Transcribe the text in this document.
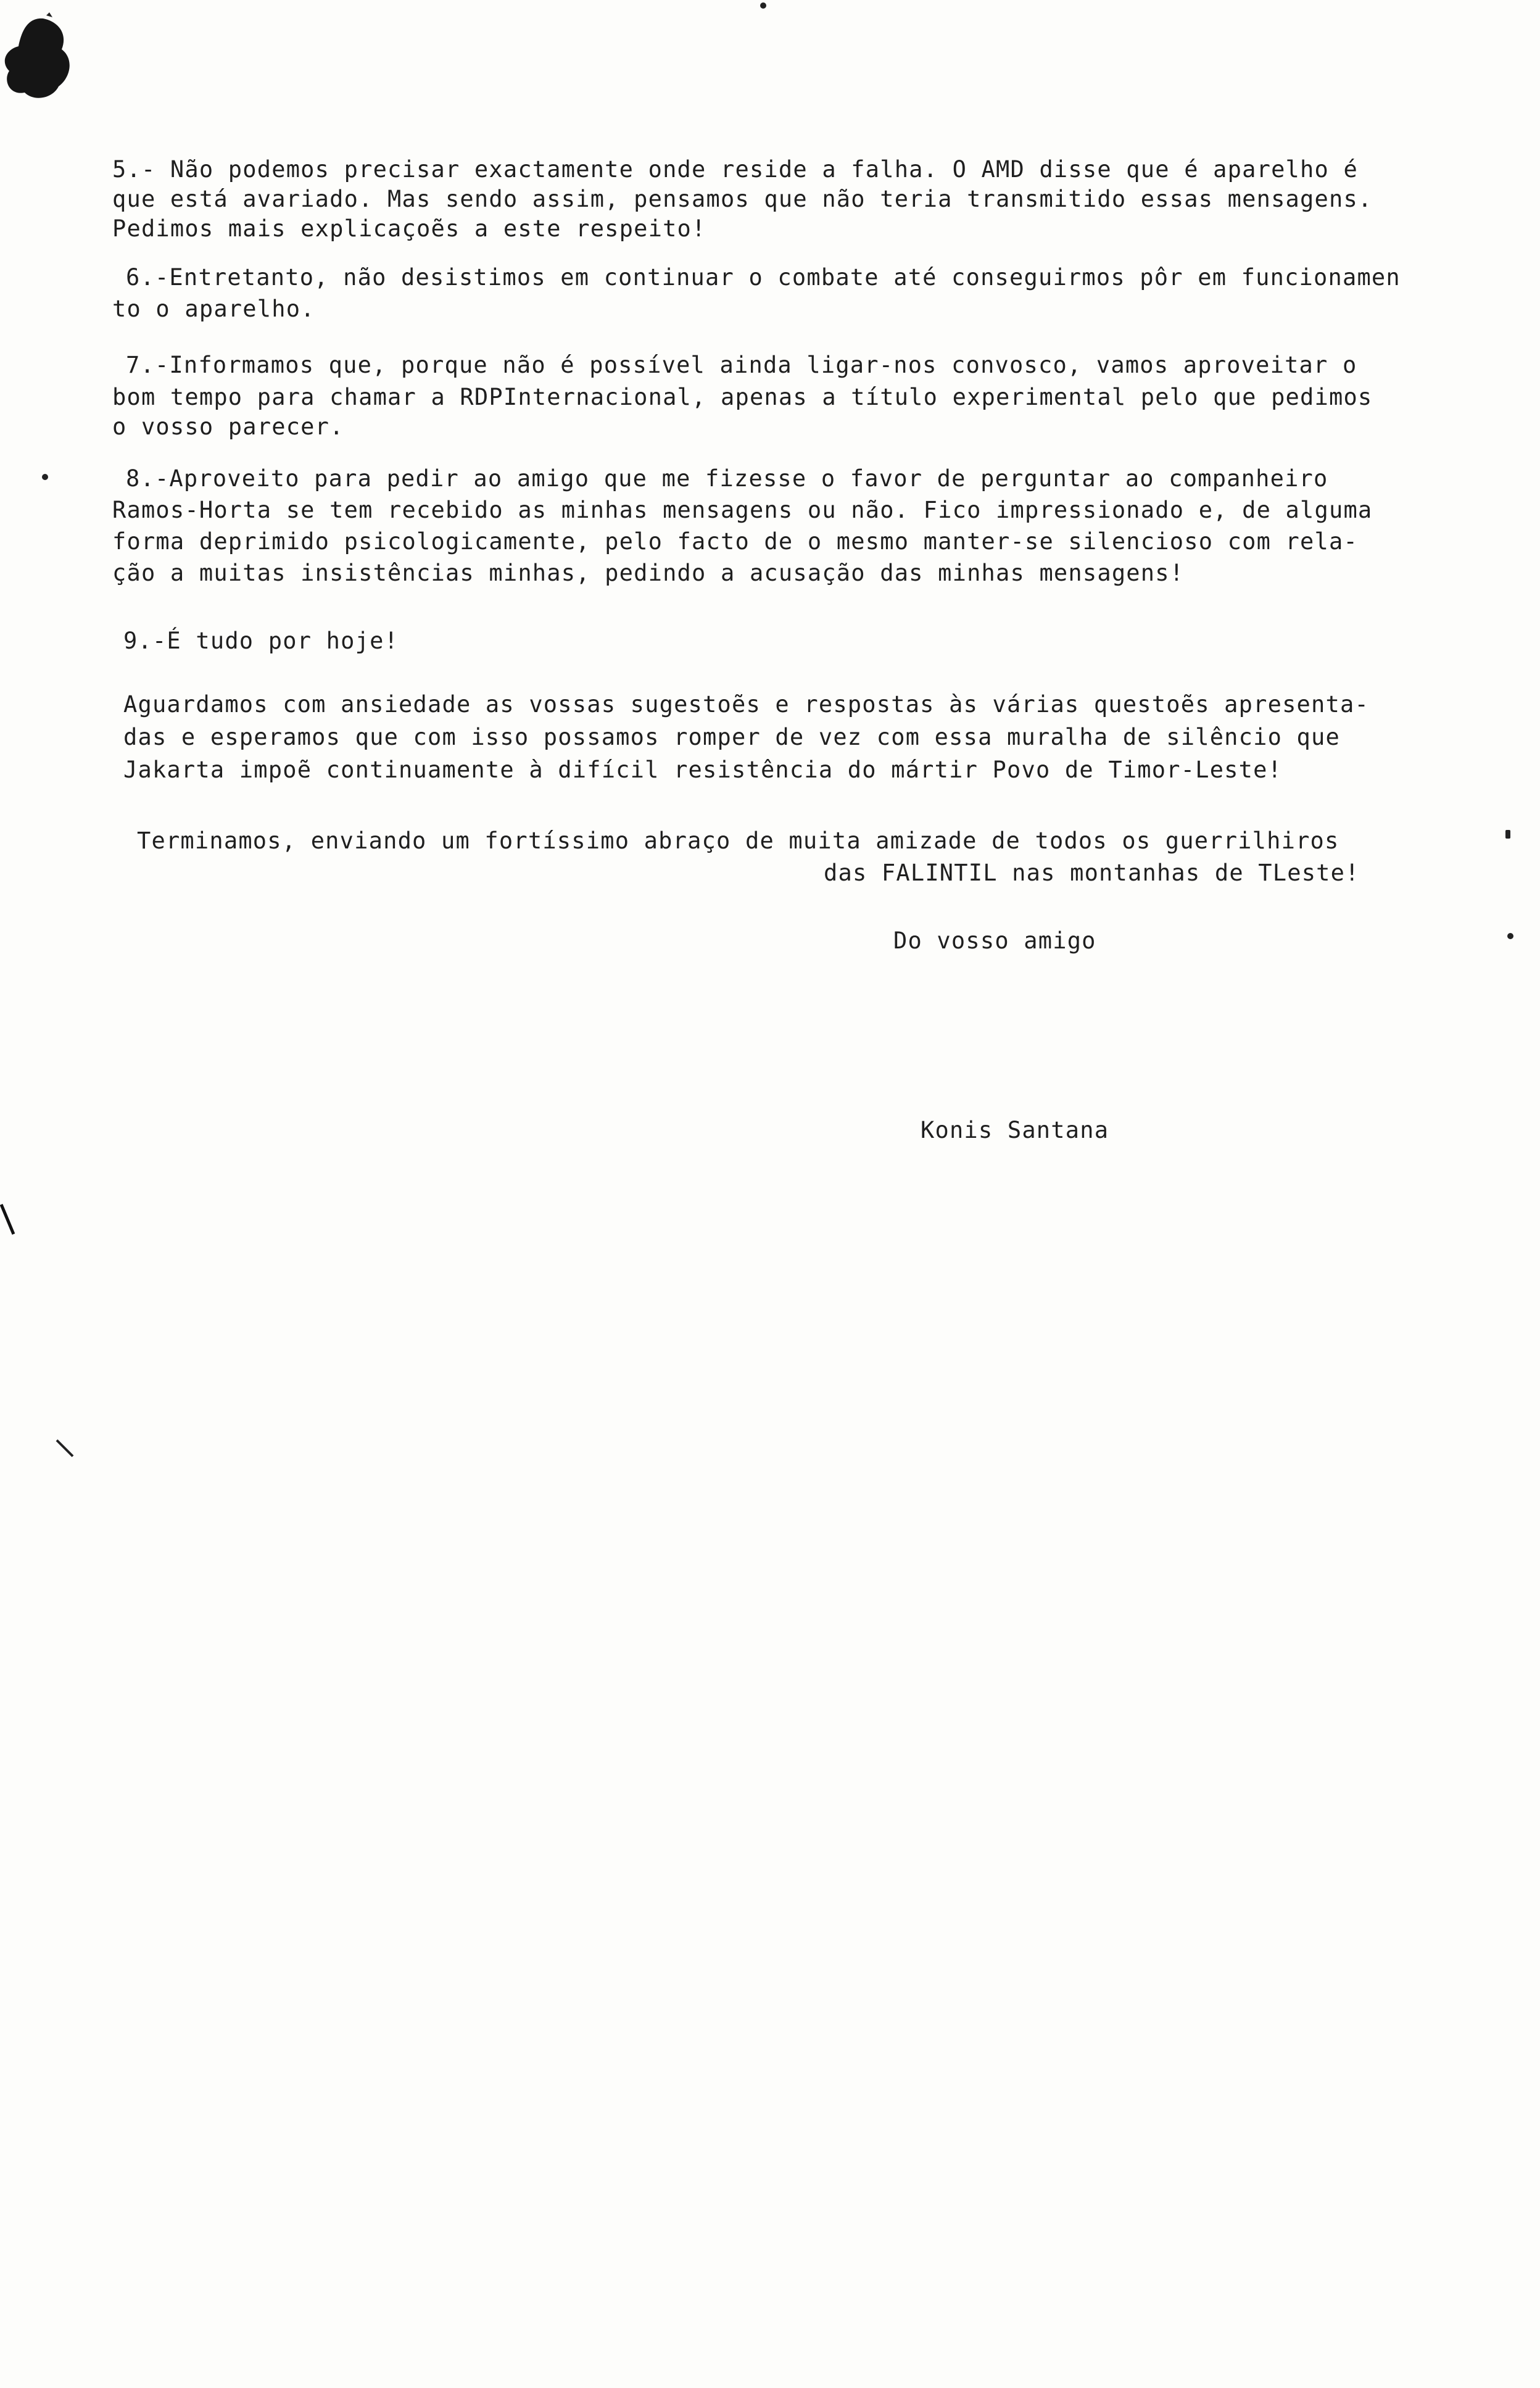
5.- Não podemos precisar exactamente onde reside a falha. O AMD disse que é aparelho é
que está avariado. Mas sendo assim, pensamos que não teria transmitido essas mensagens.
Pedimos mais explicaçoẽs a este respeito!
6.-Entretanto, não desistimos em continuar o combate até conseguirmos pôr em funcionamen
to o aparelho.
7.-Informamos que, porque não é possível ainda ligar-nos convosco, vamos aproveitar o
bom tempo para chamar a RDPInternacional, apenas a título experimental pelo que pedimos
o vosso parecer.
8.-Aproveito para pedir ao amigo que me fizesse o favor de perguntar ao companheiro
Ramos-Horta se tem recebido as minhas mensagens ou não. Fico impressionado e, de alguma
forma deprimido psicologicamente, pelo facto de o mesmo manter-se silencioso com rela-
ção a muitas insistências minhas, pedindo a acusação das minhas mensagens!
9.-É tudo por hoje!
Aguardamos com ansiedade as vossas sugestoẽs e respostas às várias questoẽs apresenta-
das e esperamos que com isso possamos romper de vez com essa muralha de silêncio que
Jakarta impoẽ continuamente à difícil resistência do mártir Povo de Timor-Leste!
Terminamos, enviando um fortíssimo abraço de muita amizade de todos os guerrilhiros
das FALINTIL nas montanhas de TLeste!
Do vosso amigo
Konis Santana
